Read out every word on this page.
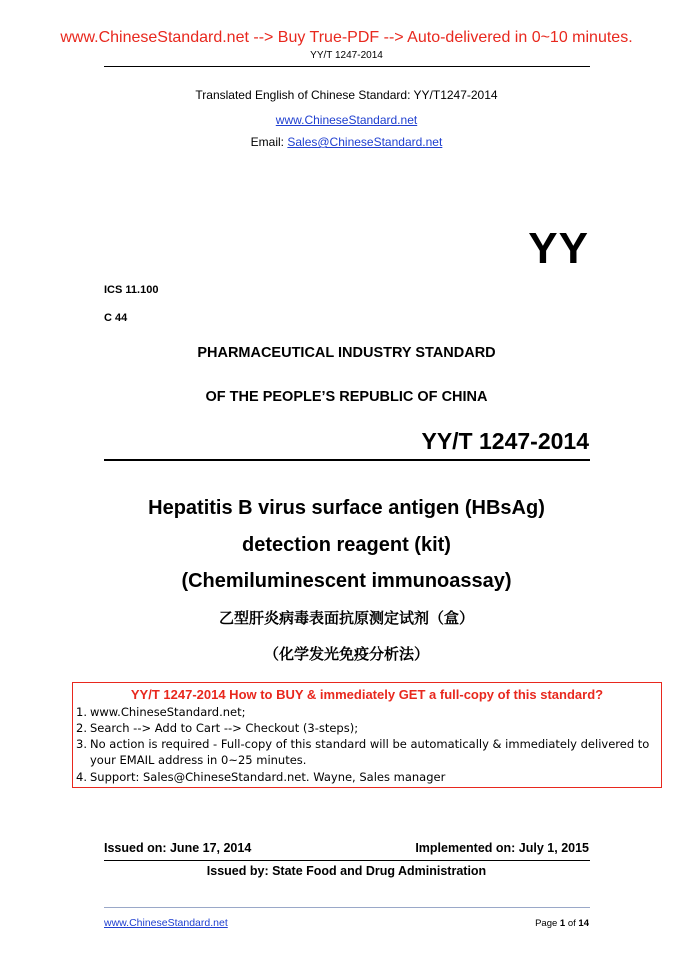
www.ChineseStandard.net --> Buy True-PDF --> Auto-delivered in 0~10 minutes.
YY/T 1247-2014
Translated English of Chinese Standard: YY/T1247-2014
www.ChineseStandard.net
Email: Sales@ChineseStandard.net
YY
ICS 11.100
C 44
PHARMACEUTICAL INDUSTRY STANDARD
OF THE PEOPLE’S REPUBLIC OF CHINA
YY/T 1247-2014
Hepatitis B virus surface antigen (HBsAg)
detection reagent (kit)
(Chemiluminescent immunoassay)
乙型肝炎病毒表面抗原测定试剂（盒）
（化学发光免疫分析法）
YY/T 1247-2014 How to BUY & immediately GET a full-copy of this standard?
1. www.ChineseStandard.net;
2. Search --> Add to Cart --> Checkout (3-steps);
3. No action is required - Full-copy of this standard will be automatically & immediately delivered to
your EMAIL address in 0~25 minutes.
4. Support: Sales@ChineseStandard.net. Wayne, Sales manager
Issued on: June 17, 2014	Implemented on: July 1, 2015
Issued by: State Food and Drug Administration
www.ChineseStandard.net	Page 1 of 14
